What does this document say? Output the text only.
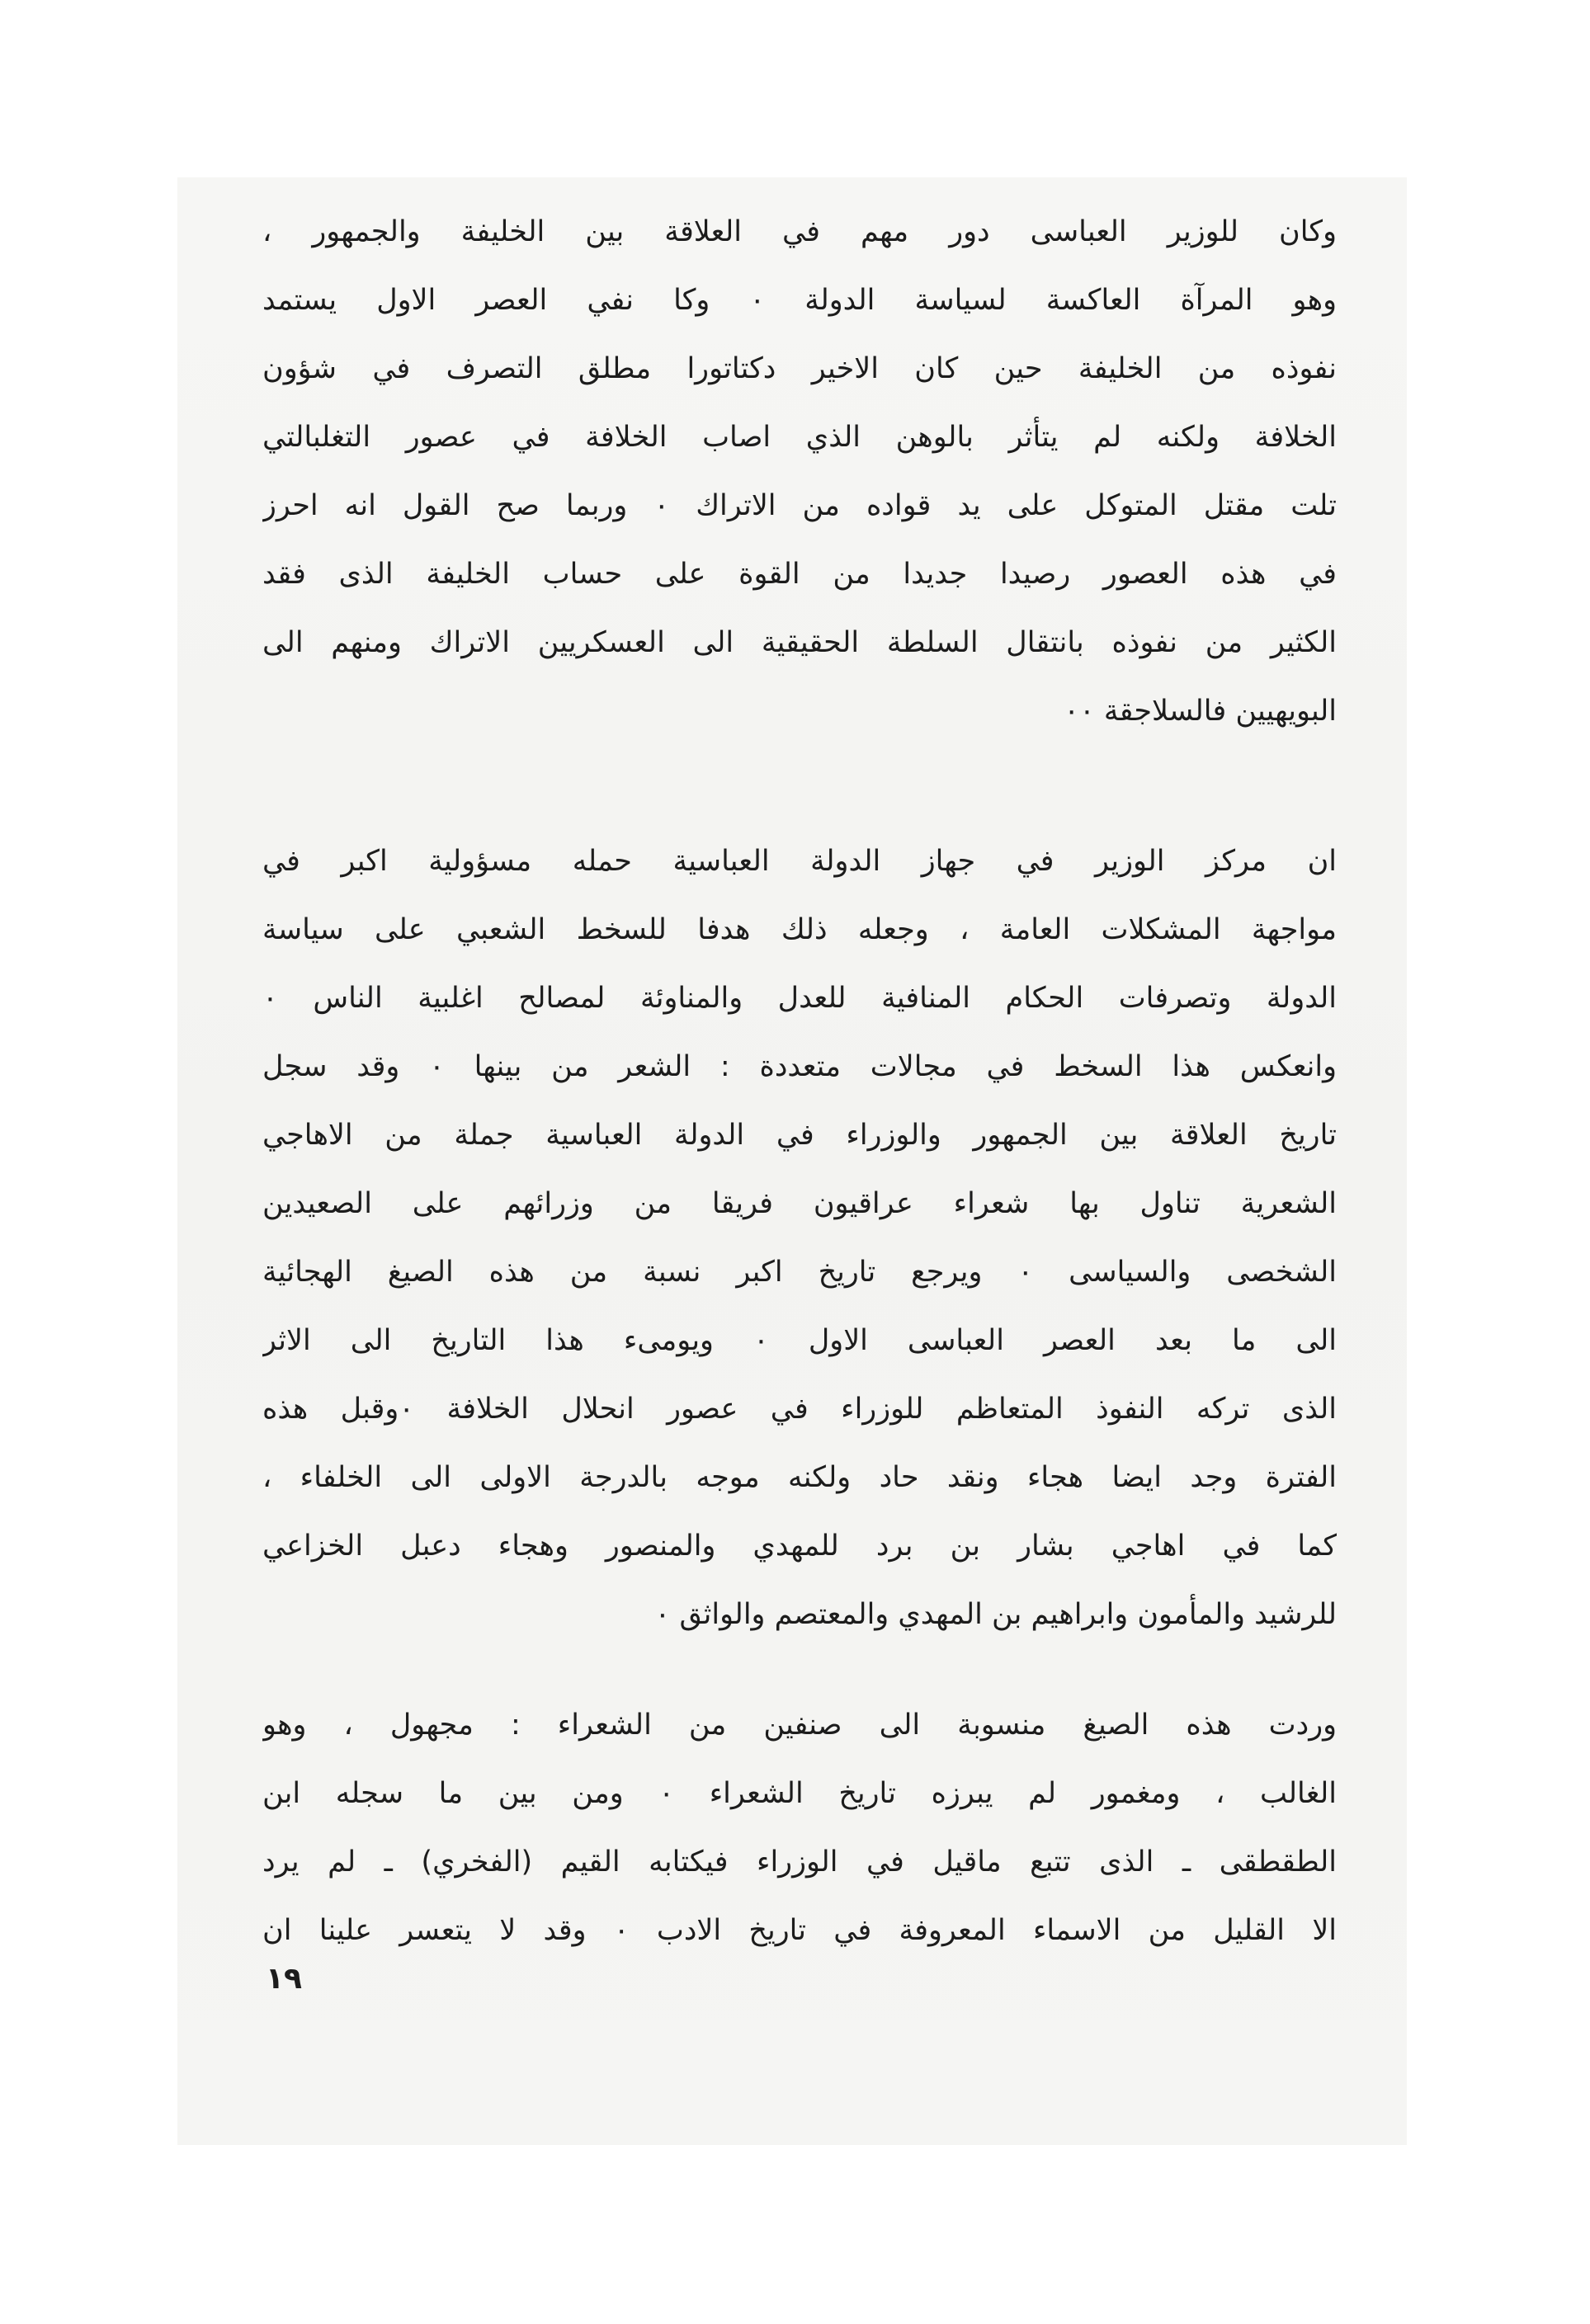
وكان للوزير العباسى دور مهم في العلاقة بين الخليفة والجمهور ،
وهو المرآة العاكسة لسياسة الدولة ٠ وكا نفي العصر الاول يستمد
نفوذه من الخليفة حين كان الاخير دكتاتورا مطلق التصرف في شؤون
الخلافة ولكنه لم يتأثر بالوهن الذي اصاب الخلافة في عصور التغلبالتي
تلت مقتل المتوكل على يد قواده من الاتراك ٠ وربما صح القول انه احرز
في هذه العصور رصيدا جديدا من القوة على حساب الخليفة الذى فقد
الكثير من نفوذه بانتقال السلطة الحقيقية الى العسكريين الاتراك ومنهم الى
البويهيين فالسلاجقة ٠٠
ان مركز الوزير في جهاز الدولة العباسية حمله مسؤولية اكبر في
مواجهة المشكلات العامة ، وجعله ذلك هدفا للسخط الشعبي على سياسة
الدولة وتصرفات الحكام المنافية للعدل والمناوئة لمصالح اغلبية الناس ٠
وانعكس هذا السخط في مجالات متعددة : الشعر من بينها ٠ وقد سجل
تاريخ العلاقة بين الجمهور والوزراء في الدولة العباسية جملة من الاهاجي
الشعرية تناول بها شعراء عراقيون فريقا من وزرائهم على الصعيدين
الشخصى والسياسى ٠ ويرجع تاريخ اكبر نسبة من هذه الصيغ الهجائية
الى ما بعد العصر العباسى الاول ٠ ويومىء هذا التاريخ الى الاثر
الذى تركه النفوذ المتعاظم للوزراء في عصور انحلال الخلافة ٠وقبل هذه
الفترة وجد ايضا هجاء ونقد حاد ولكنه موجه بالدرجة الاولى الى الخلفاء ،
كما في اهاجي بشار بن برد للمهدي والمنصور وهجاء دعبل الخزاعي
للرشيد والمأمون وابراهيم بن المهدي والمعتصم والواثق ٠
وردت هذه الصيغ منسوبة الى صنفين من الشعراء : مجهول ، وهو
الغالب ، ومغمور لم يبرزه تاريخ الشعراء ٠ ومن بين ما سجله ابن
الطقطقى ـ الذى تتبع ماقيل في الوزراء فيكتابه القيم (الفخري) ـ لم يرد
الا القليل من الاسماء المعروفة في تاريخ الادب ٠ وقد لا يتعسر علينا ان
١٩
